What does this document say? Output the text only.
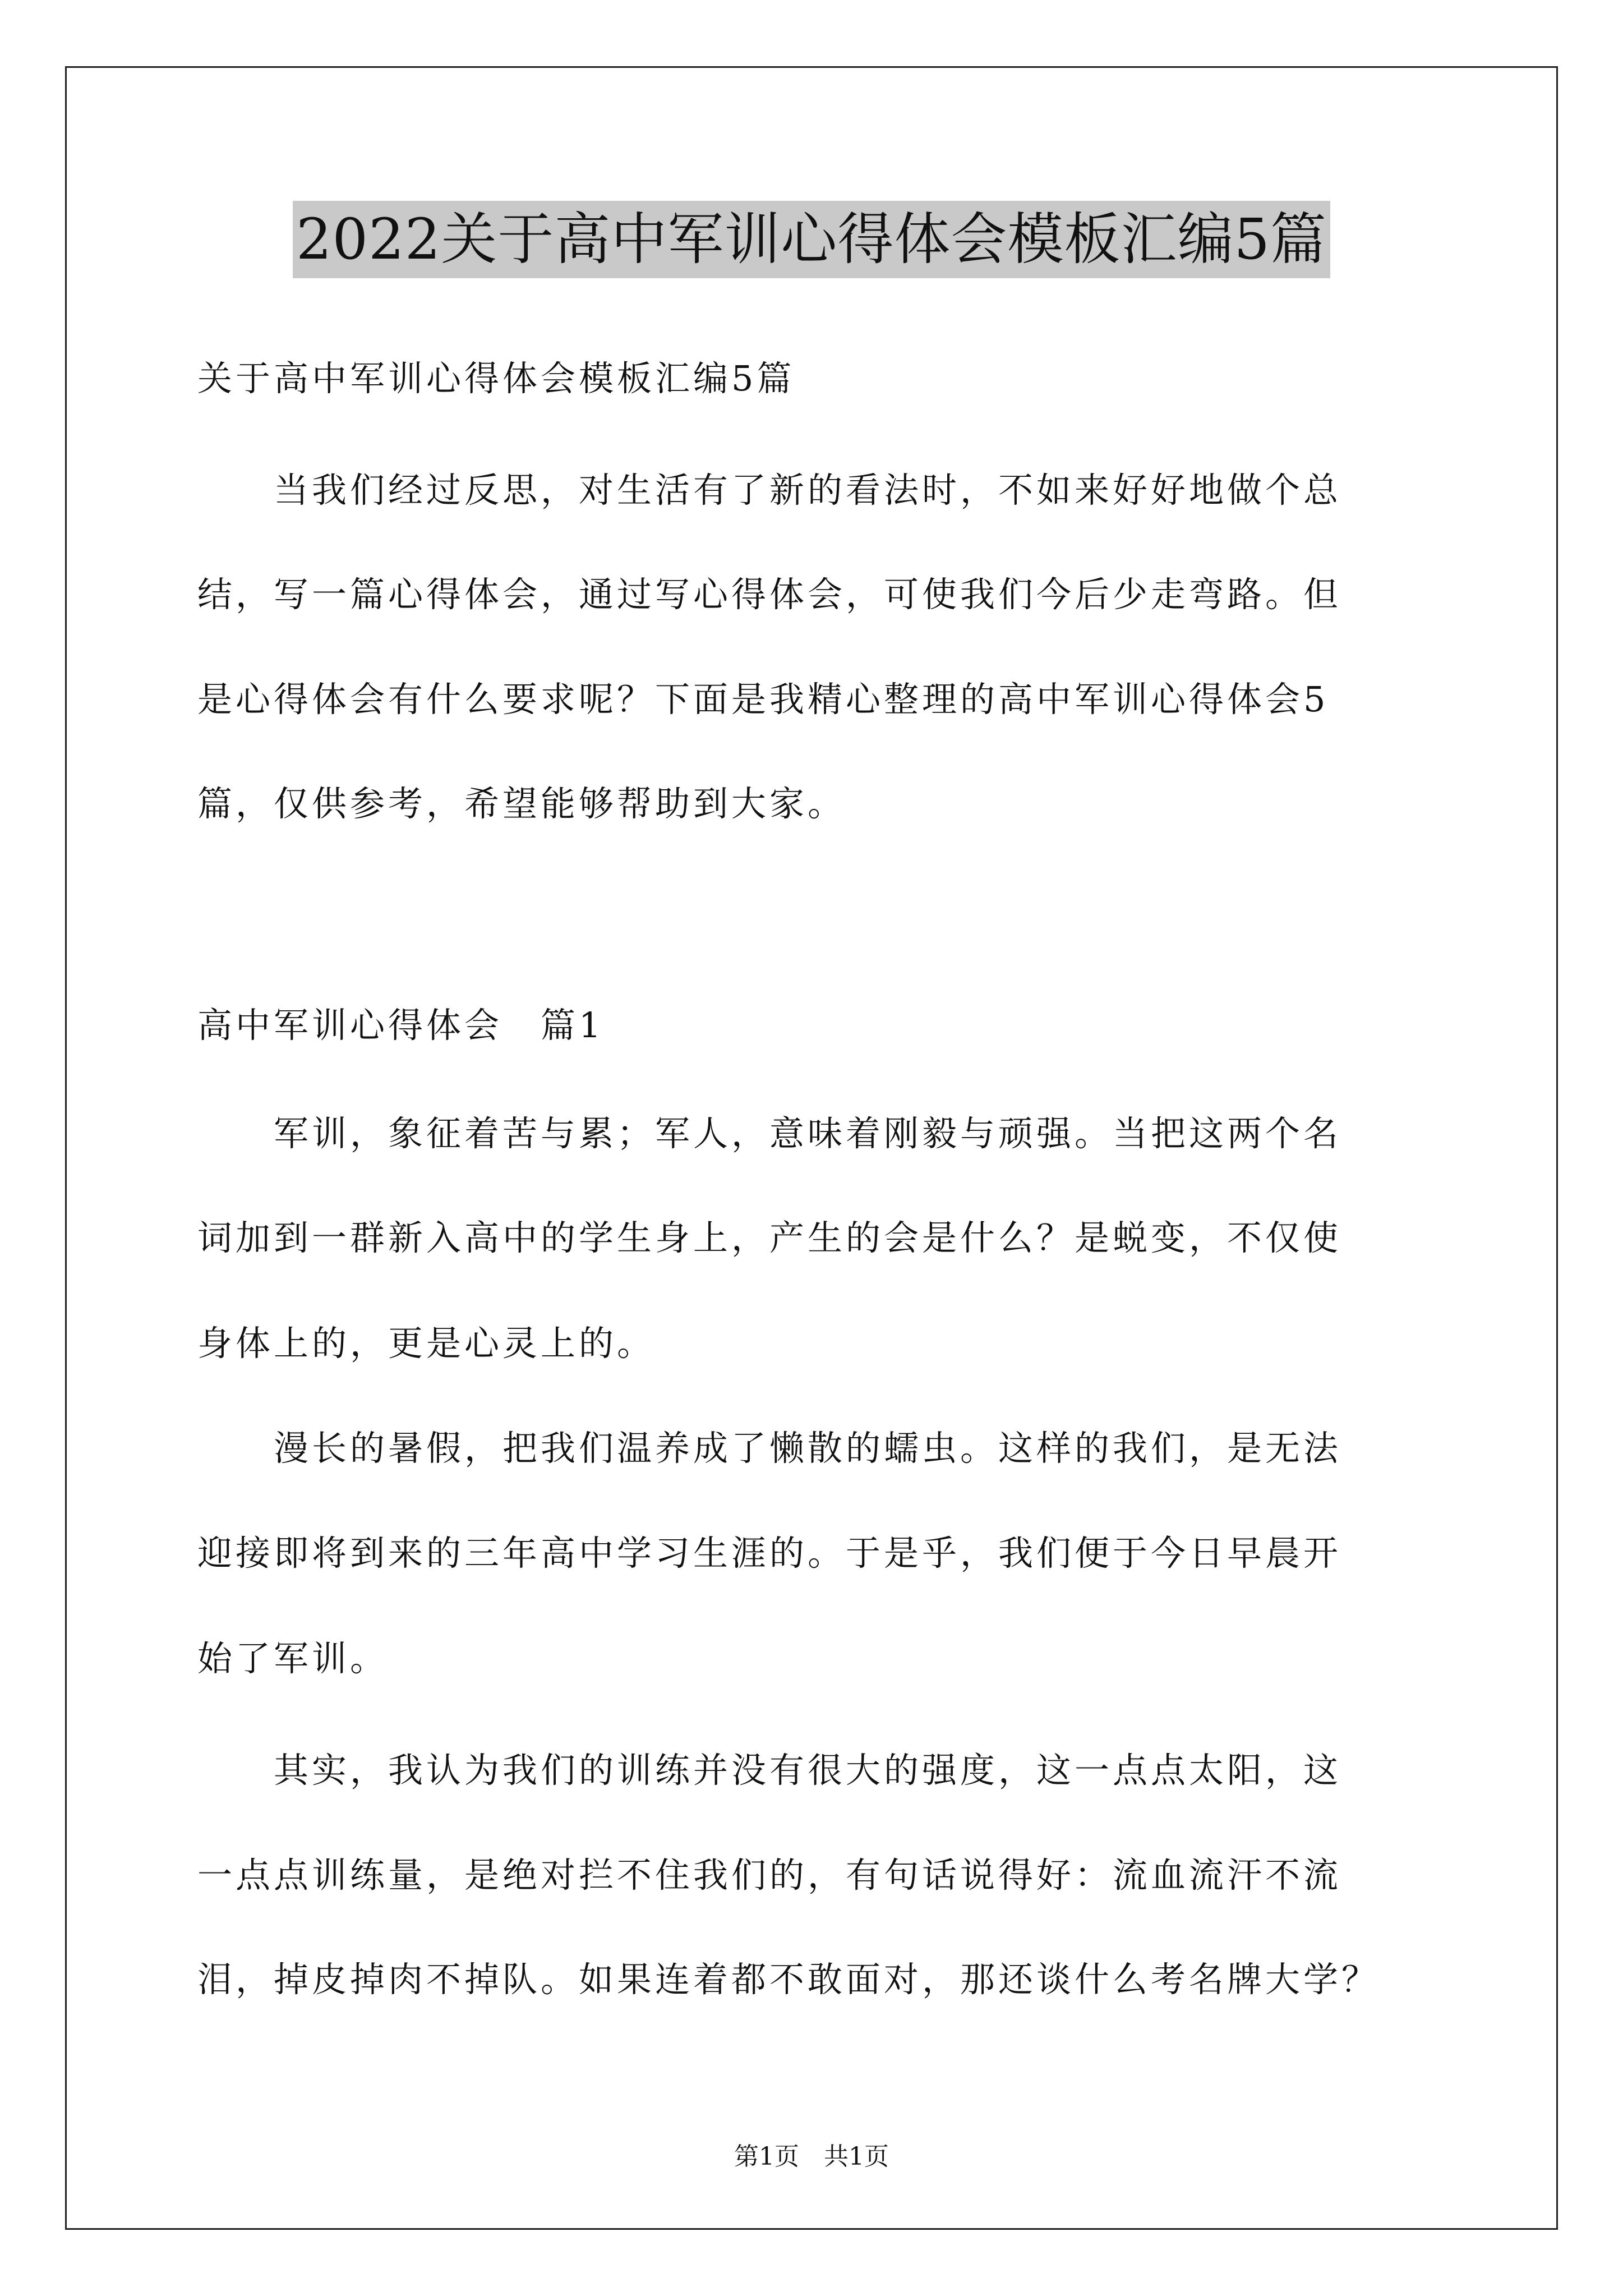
2022关于高中军训心得体会模板汇编5篇
关于高中军训心得体会模板汇编5篇
　　当我们经过反思，对生活有了新的看法时，不如来好好地做个总
结，写一篇心得体会，通过写心得体会，可使我们今后少走弯路。但
是心得体会有什么要求呢？下面是我精心整理的高中军训心得体会5
篇，仅供参考，希望能够帮助到大家。
高中军训心得体会　篇1
　　军训，象征着苦与累；军人，意味着刚毅与顽强。当把这两个名
词加到一群新入高中的学生身上，产生的会是什么？是蜕变，不仅使
身体上的，更是心灵上的。
　　漫长的暑假，把我们温养成了懒散的蠕虫。这样的我们，是无法
迎接即将到来的三年高中学习生涯的。于是乎，我们便于今日早晨开
始了军训。
　　其实，我认为我们的训练并没有很大的强度，这一点点太阳，这
一点点训练量，是绝对拦不住我们的，有句话说得好：流血流汗不流
泪，掉皮掉肉不掉队。如果连着都不敢面对，那还谈什么考名牌大学？
第1页　共1页
